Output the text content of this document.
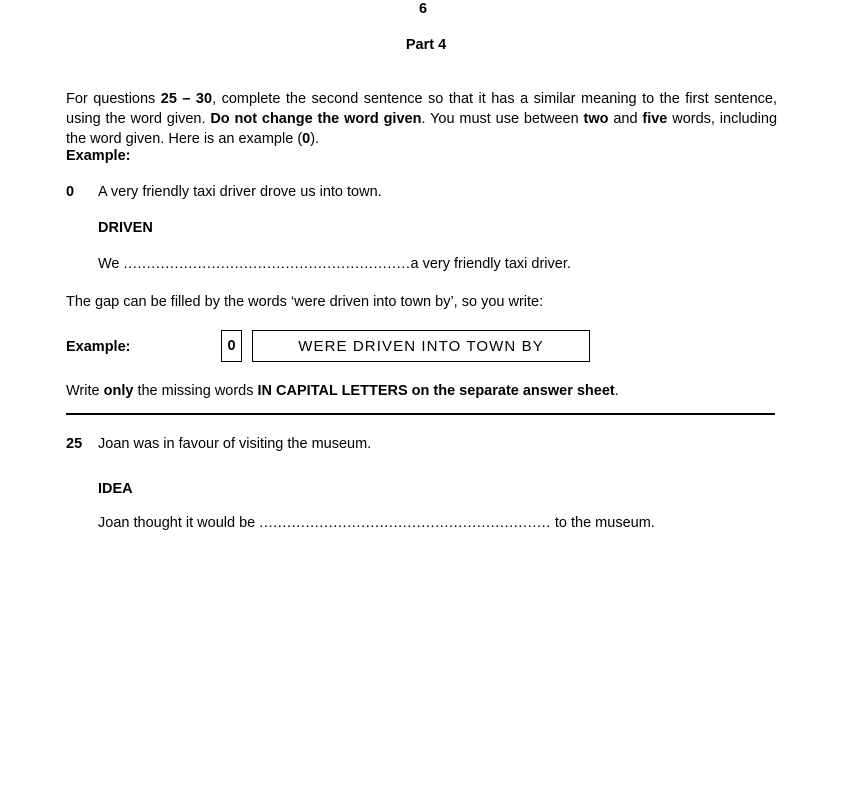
6
Part 4

For questions 25 – 30, complete the second sentence so that it has a similar meaning to the first sentence, using the word given. Do not change the word given. You must use between two and five words, including the word given. Here is an example (0).

Example:
0	A very friendly taxi driver drove us into town.
DRIVEN
We ..............................................................a very friendly taxi driver.
The gap can be filled by the words ‘were driven into town by’, so you write:
Example:	0	WERE DRIVEN INTO TOWN BY
Write only the missing words IN CAPITAL LETTERS on the separate answer sheet.
25	Joan was in favour of visiting the museum.
IDEA
Joan thought it would be ............................................................... to the museum.
